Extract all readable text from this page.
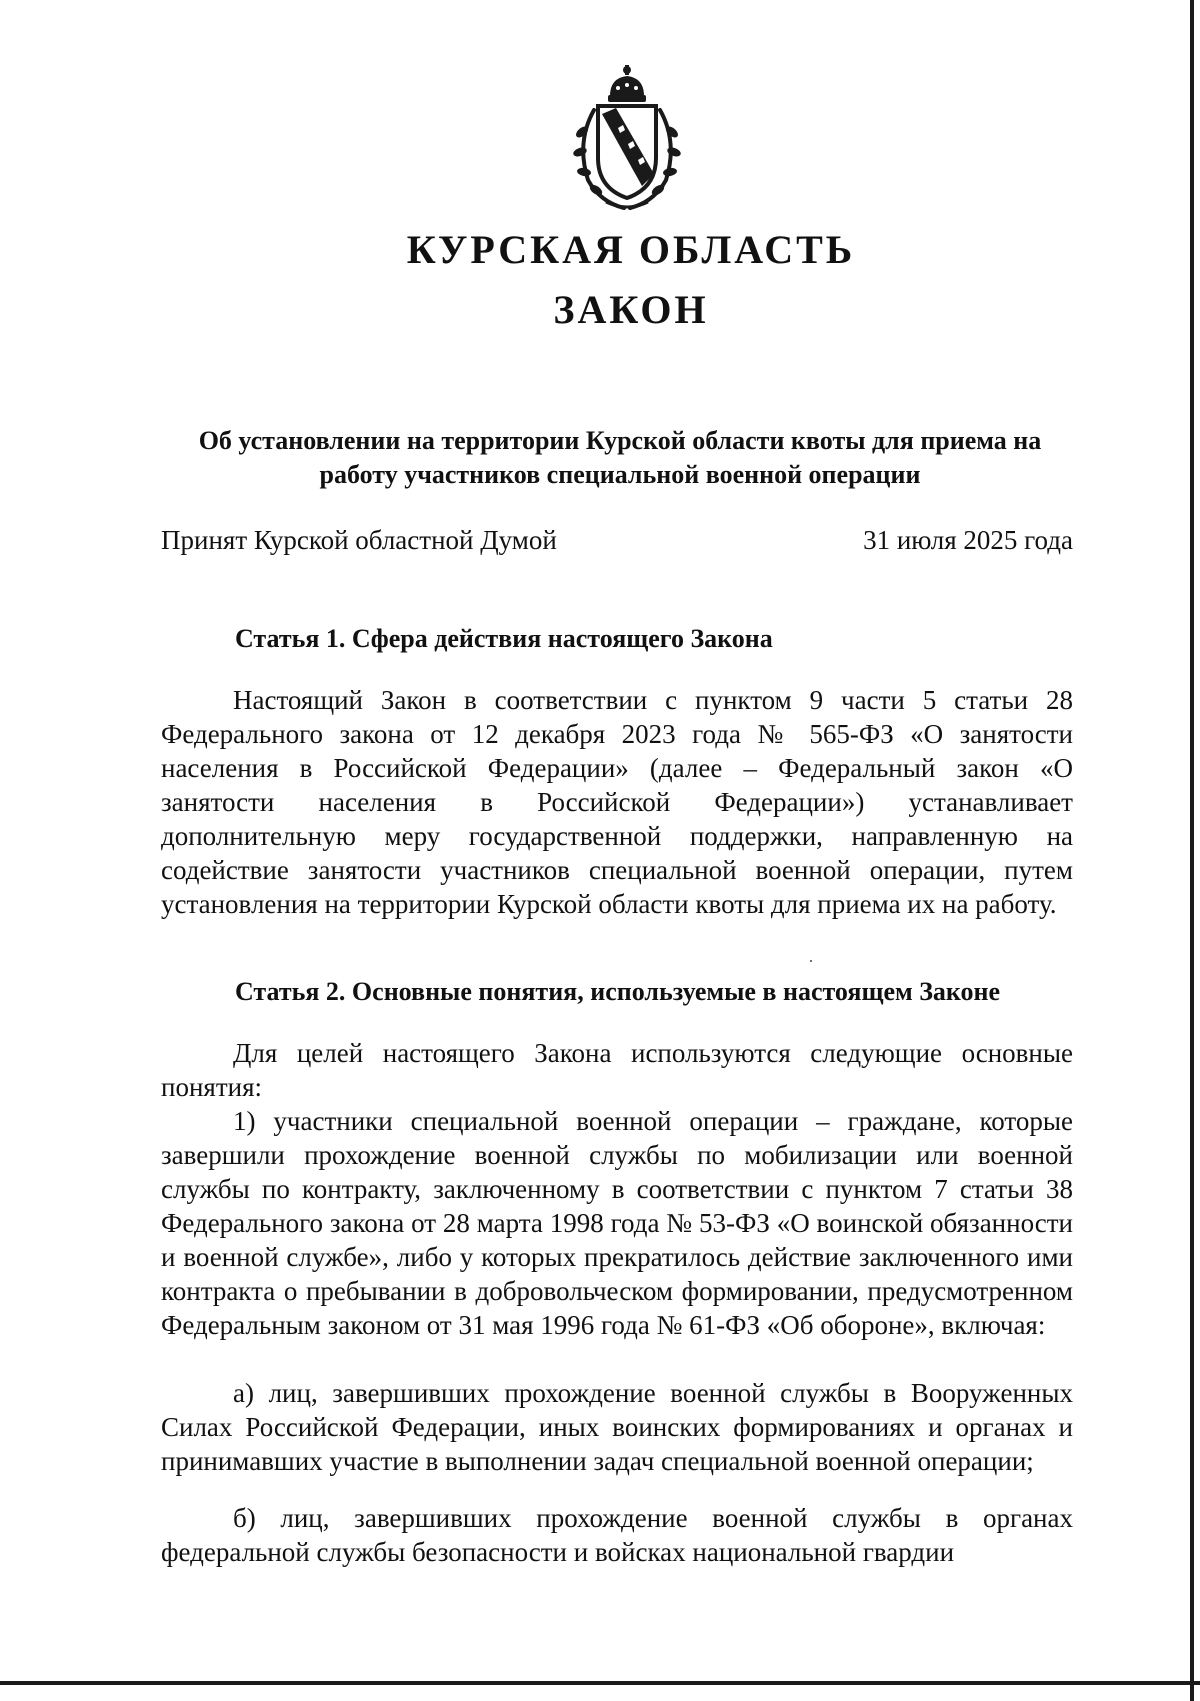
КУРСКАЯ ОБЛАСТЬ
ЗАКОН
Об установлении на территории Курской области квоты для приема на работу участников специальной военной операции
Принят Курской областной Думой	31 июля 2025 года
Статья 1. Сфера действия настоящего Закона

Настоящий Закон в соответствии с пунктом 9 части 5 статьи 28 Федерального закона от 12 декабря 2023 года № 565-ФЗ «О занятости населения в Российской Федерации» (далее – Федеральный закон «О занятости населения в Российской Федерации») устанавливает дополнительную меру государственной поддержки, направленную на содействие занятости участников специальной военной операции, путем установления на территории Курской области квоты для приема их на работу.

Статья 2. Основные понятия, используемые в настоящем Законе

Для целей настоящего Закона используются следующие основные понятия:

1) участники специальной военной операции – граждане, которые завершили прохождение военной службы по мобилизации или военной службы по контракту, заключенному в соответствии с пунктом 7 статьи 38 Федерального закона от 28 марта 1998 года № 53-ФЗ «О воинской обязанности и военной службе», либо у которых прекратилось действие заключенного ими контракта о пребывании в добровольческом формировании, предусмотренном Федеральным законом от 31 мая 1996 года № 61-ФЗ «Об обороне», включая:

а) лиц, завершивших прохождение военной службы в Вооруженных Силах Российской Федерации, иных воинских формированиях и органах и принимавших участие в выполнении задач специальной военной операции;

б) лиц, завершивших прохождение военной службы в органах федеральной службы безопасности и войсках национальной гвардии
